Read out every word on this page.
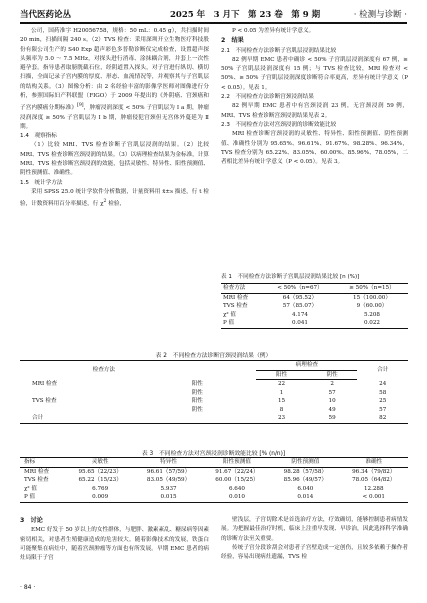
当代医药论丛	2025 年　3 月下　第 23 卷　第 9 期	· 检测与诊断 ·

公司，国药准字 H20056758，规格：50 mL：0.45 g），共扫描时间 20 min，扫描间隔 240 s。（2）TVS 检查：采用深圳开立生物医疗科技股份有限公司生产的 S40 Exp 超声彩色多普勒诊断仪完成检查，设置超声探头频率为 5.0 ～ 7.5 MHz，对探头进行消毒、涂抹耦合剂，并套上一次性避孕套。指导患者取膀胱截石位，经阴道置入探头，对子宫进行纵切、横切扫描，全面记录子宫内膜的厚度、形态、血流情况等，并观察其与子宫肌层的结构关系。（3）图像分析：由 2 名经验丰富的影像学医师对图像进行分析，参照国际妇产科联盟（FIGO）于 2009 年提出的《外阴癌、宫颈癌和子宫内膜癌分期标准》[9]，肿瘤浸润深度 < 50% 子宫肌层为 Ⅰ a 期，肿瘤浸润深度 ≥ 50% 子宫肌层为 Ⅰ b 期，肿瘤侵犯宫颈但无宫体外蔓延为 Ⅱ 期。

1.4　观察指标

（1）比较 MRI、TVS 检查诊断子宫肌层浸润的结果。（2）比较 MRI、TVS 检查诊断宫颈浸润的结果。（3）以病理检查结果为金标准，计算 MRI、TVS 检查诊断宫颈浸润的效能，包括灵敏性、特异性、阳性预测值、阴性预测值、准确性。

1.5　统计学方法

采用 SPSS 25.0 统计学软件分析数据，计量资料用 x̄±s 描述，行 t 检验，计数资料用百分率描述，行 $\chi^2$ 检验，

P < 0.05 为差异有统计学意义。

2　结果

2.1　不同检查方法诊断子宫肌层浸润结果比较

82 例早期 EMC 患者中确诊 < 50% 子宫肌层浸润深度有 67 例，≥ 50% 子宫肌层浸润深度有 15 例；与 TVS 检查比较，MRI 检查对 < 50%、≥ 50% 子宫肌层浸润深度诊断符合率更高，差异有统计学意义（P < 0.05）。见表 1。

2.2　不同检查方法诊断宫颈浸润结果

82 例早期 EMC 患者中有宫颈浸润 23 例，无宫颈浸润 59 例，MRI、TVS 检查诊断宫颈浸润结果见表 2。

2.3　不同检查方法对宫颈浸润的诊断效能比较

MRI 检查诊断宫颈浸润的灵敏性、特异性、阳性预测值、阴性预测值、准确性分别为 95.65%、96.61%、91.67%、98.28%、96.34%，TVS 检查分别为 65.22%、83.05%、60.00%、85.96%、78.05%，二者相比差异有统计学意义（P < 0.05）。见表 3。

表 1　不同检查方法诊断子宫肌层浸润结果比较 [n (%)]
检查方法	< 50%（n=67）	≥ 50%（n=15）
MRI 检查	64（95.52）	15（100.00）
TVS 检查	57（85.07）	9（60.00）
χ² 值	4.174	5.208
P 值	0.041	0.022
表 2　不同检查方法诊断宫颈浸润结果（例）
检查方法		病理检查		合计
		阳性	阴性	
MRI 检查	阳性	22	2	24
	阴性	1	57	58
TVS 检查	阳性	15	10	25
	阴性	8	49	57
合计		23	59	82
表 3　不同检查方法对宫颈浸润诊断效能比较 [% (n/n)]
指标	灵敏性	特异性	阳性预测值	阴性预测值	准确性
MRI 检查	95.65（22/23）	96.61（57/59）	91.67（22/24）	98.28（57/58）	96.34（79/82）
TVS 检查	65.22（15/23）	83.05（49/59）	60.00（15/25）	85.96（49/57）	78.05（64/82）
χ² 值	6.769	5.937	6.640	6.040	12.288
P 值	0.009	0.015	0.010	0.014	< 0.001

3　讨论

EMC 好发于 50 岁以上的女性群体，与肥胖、激素紊乱、糖尿病等因素密切相关，对患者生殖健康造成的危害较大。随着影像技术的发展，铁蛋白可能聚集在病灶中，随着宫颈肿瘤等方面也有所发展。早期 EMC 患者的病灶局限于子宫

壁浅层，子宫切除术是首选治疗方法，疗效确切，能够控制患者病情发展。为把握最佳治疗时机，临床上注重早发现、早诊治，因此选择科学准确的诊断方法至关重要。

传统子宫分段诊刮会对患者子宫壁造成一定创伤，且较多依赖于操作者经验，容易出现病灶遗漏，TVS 检

· 84 ·
